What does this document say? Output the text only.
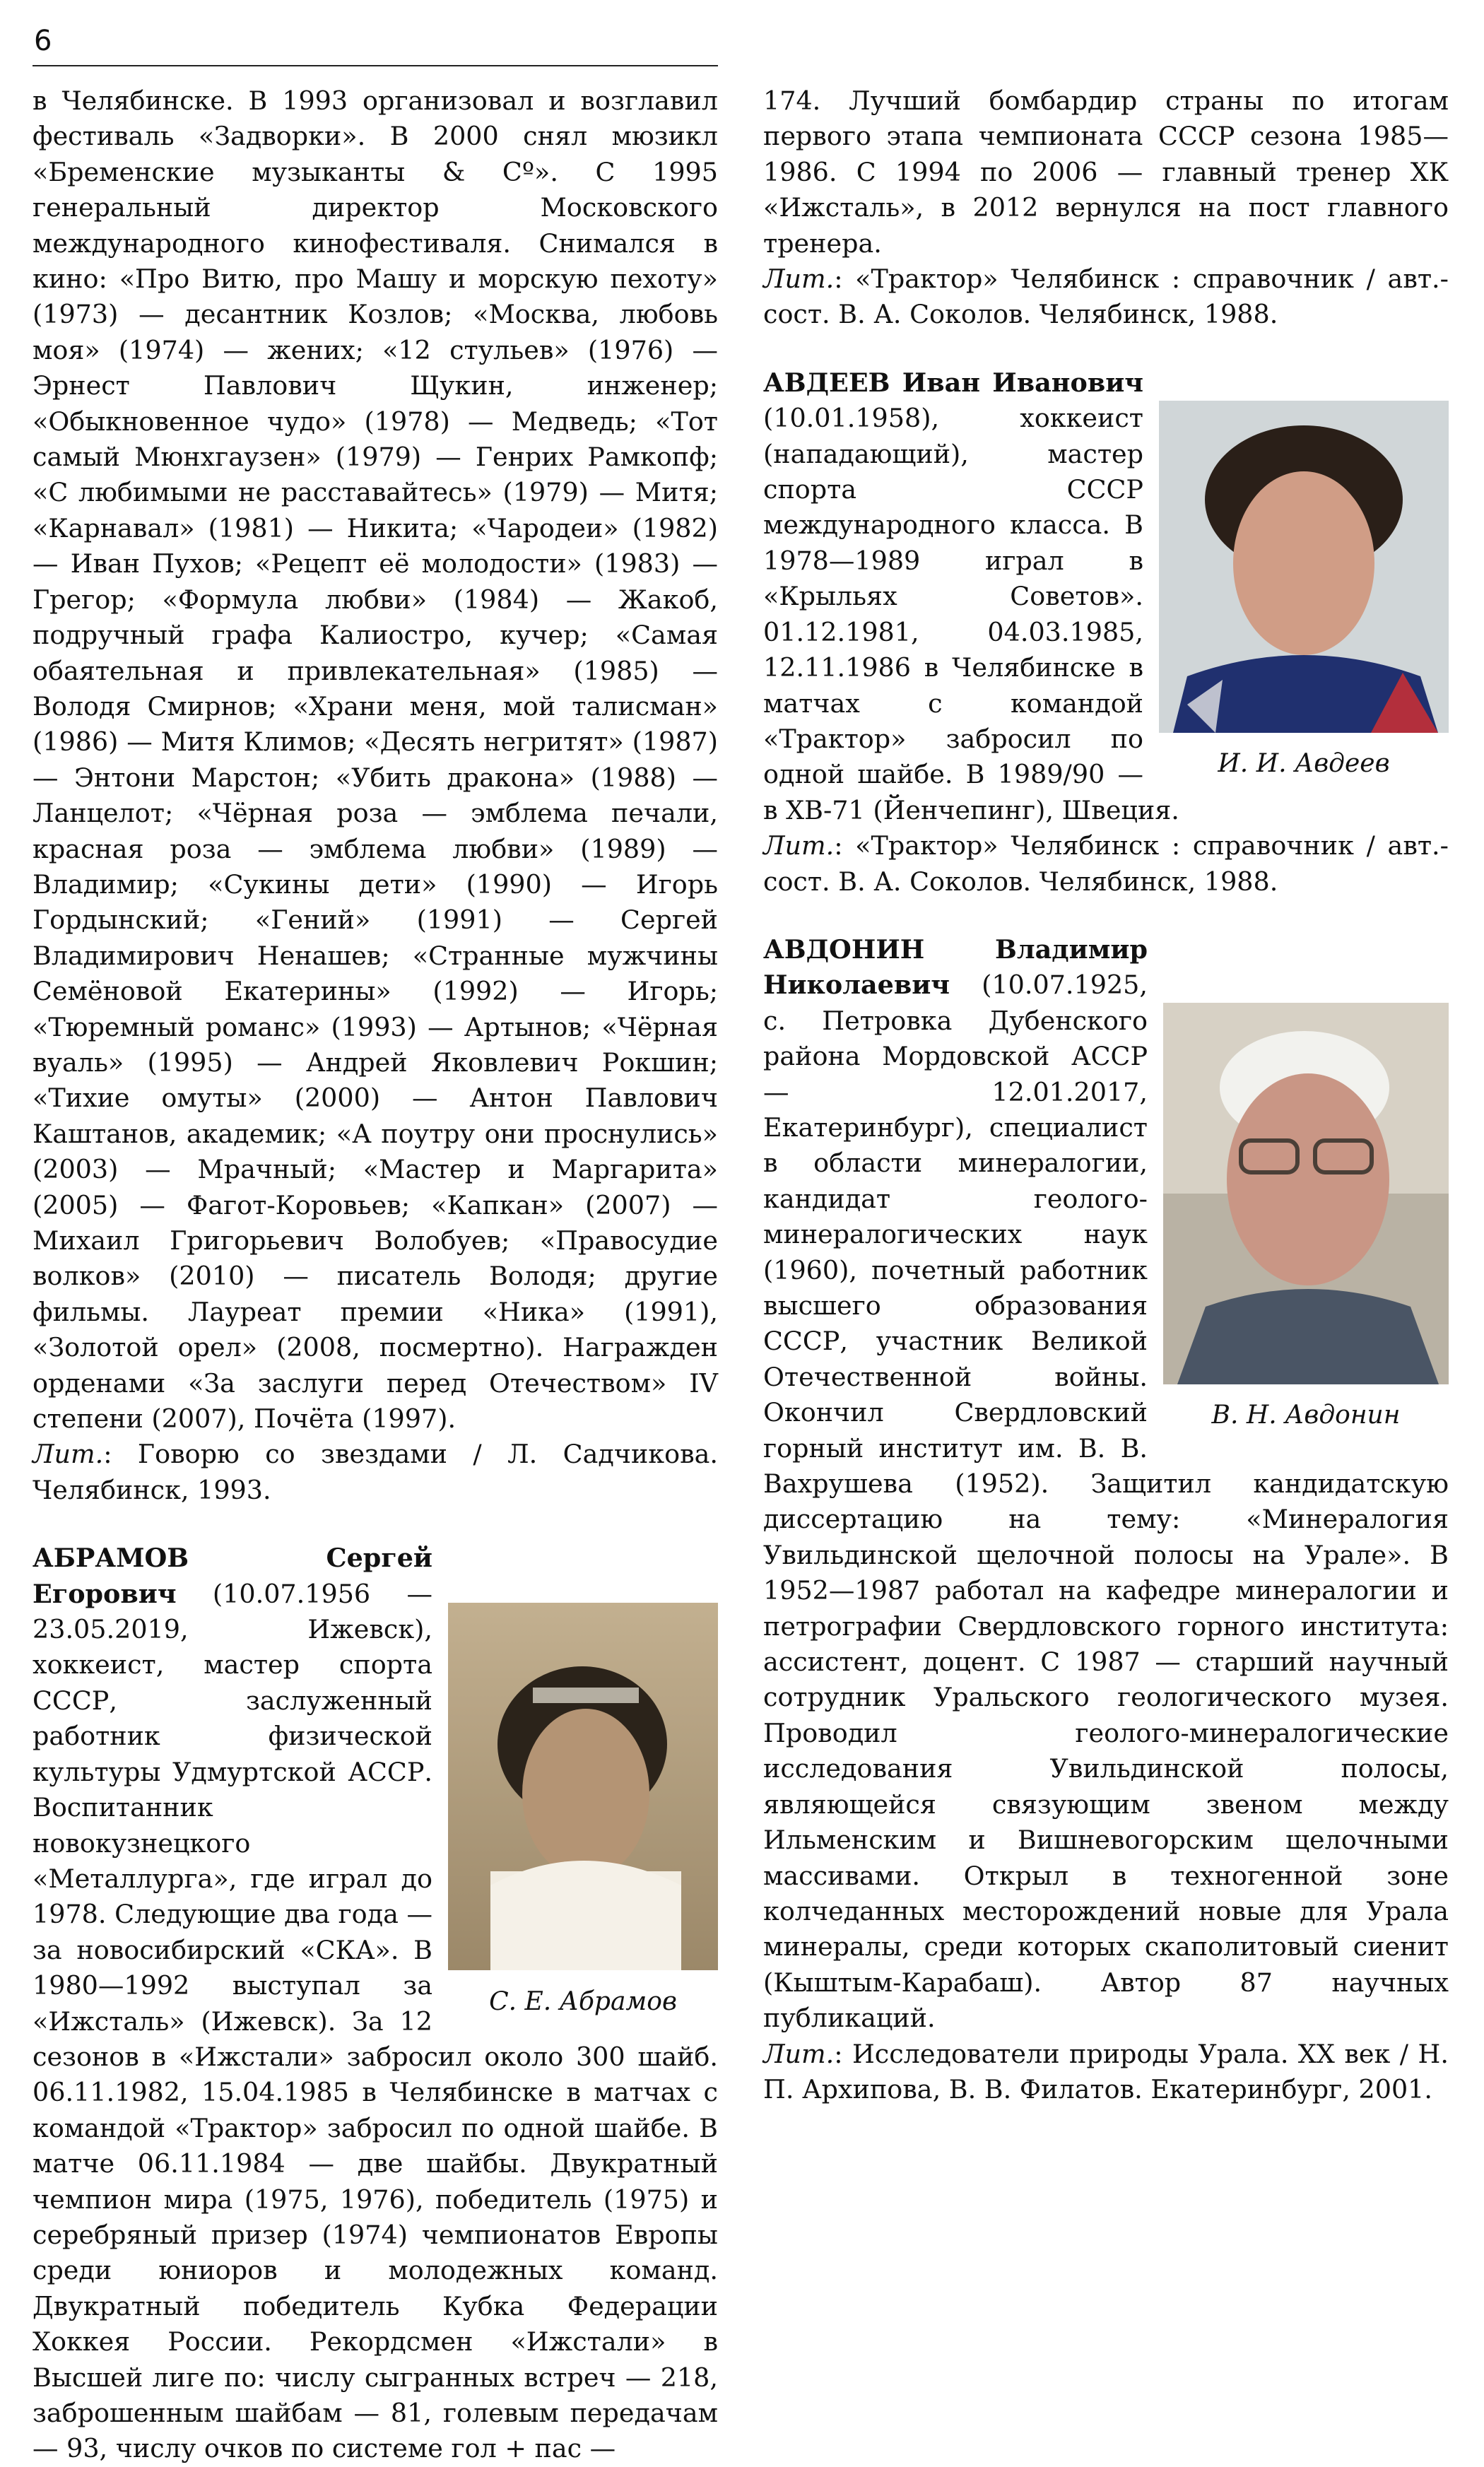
6

в Челябинске. В 1993 организовал и возглавил фестиваль «Задворки». В 2000 снял мюзикл «Бременские музыканты & Cº». С 1995 генеральный директор Московского международного кинофестиваля. Снимался в кино: «Про Витю, про Машу и морскую пехоту» (1973) — десантник Козлов; «Москва, любовь моя» (1974) — жених; «12 стульев» (1976) — Эрнест Павлович Щукин, инженер; «Обыкновенное чудо» (1978) — Медведь; «Тот самый Мюнхгаузен» (1979) — Генрих Рамкопф; «С любимыми не расставайтесь» (1979) — Митя; «Карнавал» (1981) — Никита; «Чародеи» (1982) — Иван Пухов; «Рецепт её молодости» (1983) — Грегор; «Формула любви» (1984) — Жакоб, подручный графа Калиостро, кучер; «Самая обаятельная и привлекательная» (1985) — Володя Смирнов; «Храни меня, мой талисман» (1986) — Митя Климов; «Десять негритят» (1987) — Энтони Марстон; «Убить дракона» (1988) — Ланцелот; «Чёрная роза — эмблема печали, красная роза — эмблема любви» (1989) — Владимир; «Сукины дети» (1990) — Игорь Гордынский; «Гений» (1991) — Сергей Владимирович Ненашев; «Странные мужчины Семёновой Екатерины» (1992) — Игорь; «Тюремный романс» (1993) — Артынов; «Чёрная вуаль» (1995) — Андрей Яковлевич Рокшин; «Тихие омуты» (2000) — Антон Павлович Каштанов, академик; «А поутру они проснулись» (2003) — Мрачный; «Мастер и Маргарита» (2005) — Фагот-Коровьев; «Капкан» (2007) — Михаил Григорьевич Волобуев; «Правосудие волков» (2010) — писатель Володя; другие фильмы. Лауреат премии «Ника» (1991), «Золотой орел» (2008, посмертно). Награжден орденами «За заслуги перед Отечеством» IV степени (2007), Почёта (1997).

Лит.: Говорю со звездами / Л. Садчикова. Челябинск, 1993.

С. Е. Абрамов
АБРАМОВ Сергей Егорович (10.07.1956 — 23.05.2019, Ижевск), хоккеист, мастер спорта СССР, заслуженный работник физической культуры Удмуртской АССР. Воспитанник новокузнецкого «Металлурга», где играл до 1978. Следующие два года — за новосибирский «СКА». В 1980—1992 выступал за «Ижсталь» (Ижевск). За 12 сезонов в «Ижстали» забросил около 300 шайб. 06.11.1982, 15.04.1985 в Челябинске в матчах с командой «Трактор» забросил по одной шайбе. В матче 06.11.1984 — две шайбы. Двукратный чемпион мира (1975, 1976), победитель (1975) и серебряный призер (1974) чемпионатов Европы среди юниоров и молодежных команд. Двукратный победитель Кубка Федерации Хоккея России. Рекордсмен «Ижстали» в Высшей лиге по: числу сыгранных встреч — 218, заброшенным шайбам — 81, голевым передачам — 93, числу очков по системе гол + пас —

174. Лучший бомбардир страны по итогам первого этапа чемпионата СССР сезона 1985—1986. С 1994 по 2006 — главный тренер ХК «Ижсталь», в 2012 вернулся на пост главного тренера.

Лит.: «Трактор» Челябинск : справочник / авт.-сост. В. А. Соколов. Челябинск, 1988.

И. И. Авдеев
АВДЕЕВ Иван Иванович (10.01.1958), хоккеист (нападающий), мастер спорта СССР международного класса. В 1978—1989 играл в «Крыльях Советов». 01.12.1981, 04.03.1985, 12.11.1986 в Челябинске в матчах с командой «Трактор» забросил по одной шайбе. В 1989/90 — в ХВ-71 (Йенчепинг), Швеция.

Лит.: «Трактор» Челябинск : справочник / авт.-сост. В. А. Соколов. Челябинск, 1988.

В. Н. Авдонин
АВДОНИН Владимир Николаевич (10.07.1925, с. Петровка Дубенского района Мордовской АССР — 12.01.2017, Екатеринбург), специалист в области минералогии, кандидат геолого-минералогических наук (1960), почетный работник высшего образования СССР, участник Великой Отечественной войны. Окончил Свердловский горный институт им. В. В. Вахрушева (1952). Защитил кандидатскую диссертацию на тему: «Минералогия Увильдинской щелочной полосы на Урале». В 1952—1987 работал на кафедре минералогии и петрографии Свердловского горного института: ассистент, доцент. С 1987 — старший научный сотрудник Уральского геологического музея. Проводил геолого-минералогические исследования Увильдинской полосы, являющейся связующим звеном между Ильменским и Вишневогорским щелочными массивами. Открыл в техногенной зоне колчеданных месторождений новые для Урала минералы, среди которых скаполитовый сиенит (Кыштым-Карабаш). Автор 87 научных публикаций.

Лит.: Исследователи природы Урала. XX век / Н. П. Архипова, В. В. Филатов. Екатеринбург, 2001.
